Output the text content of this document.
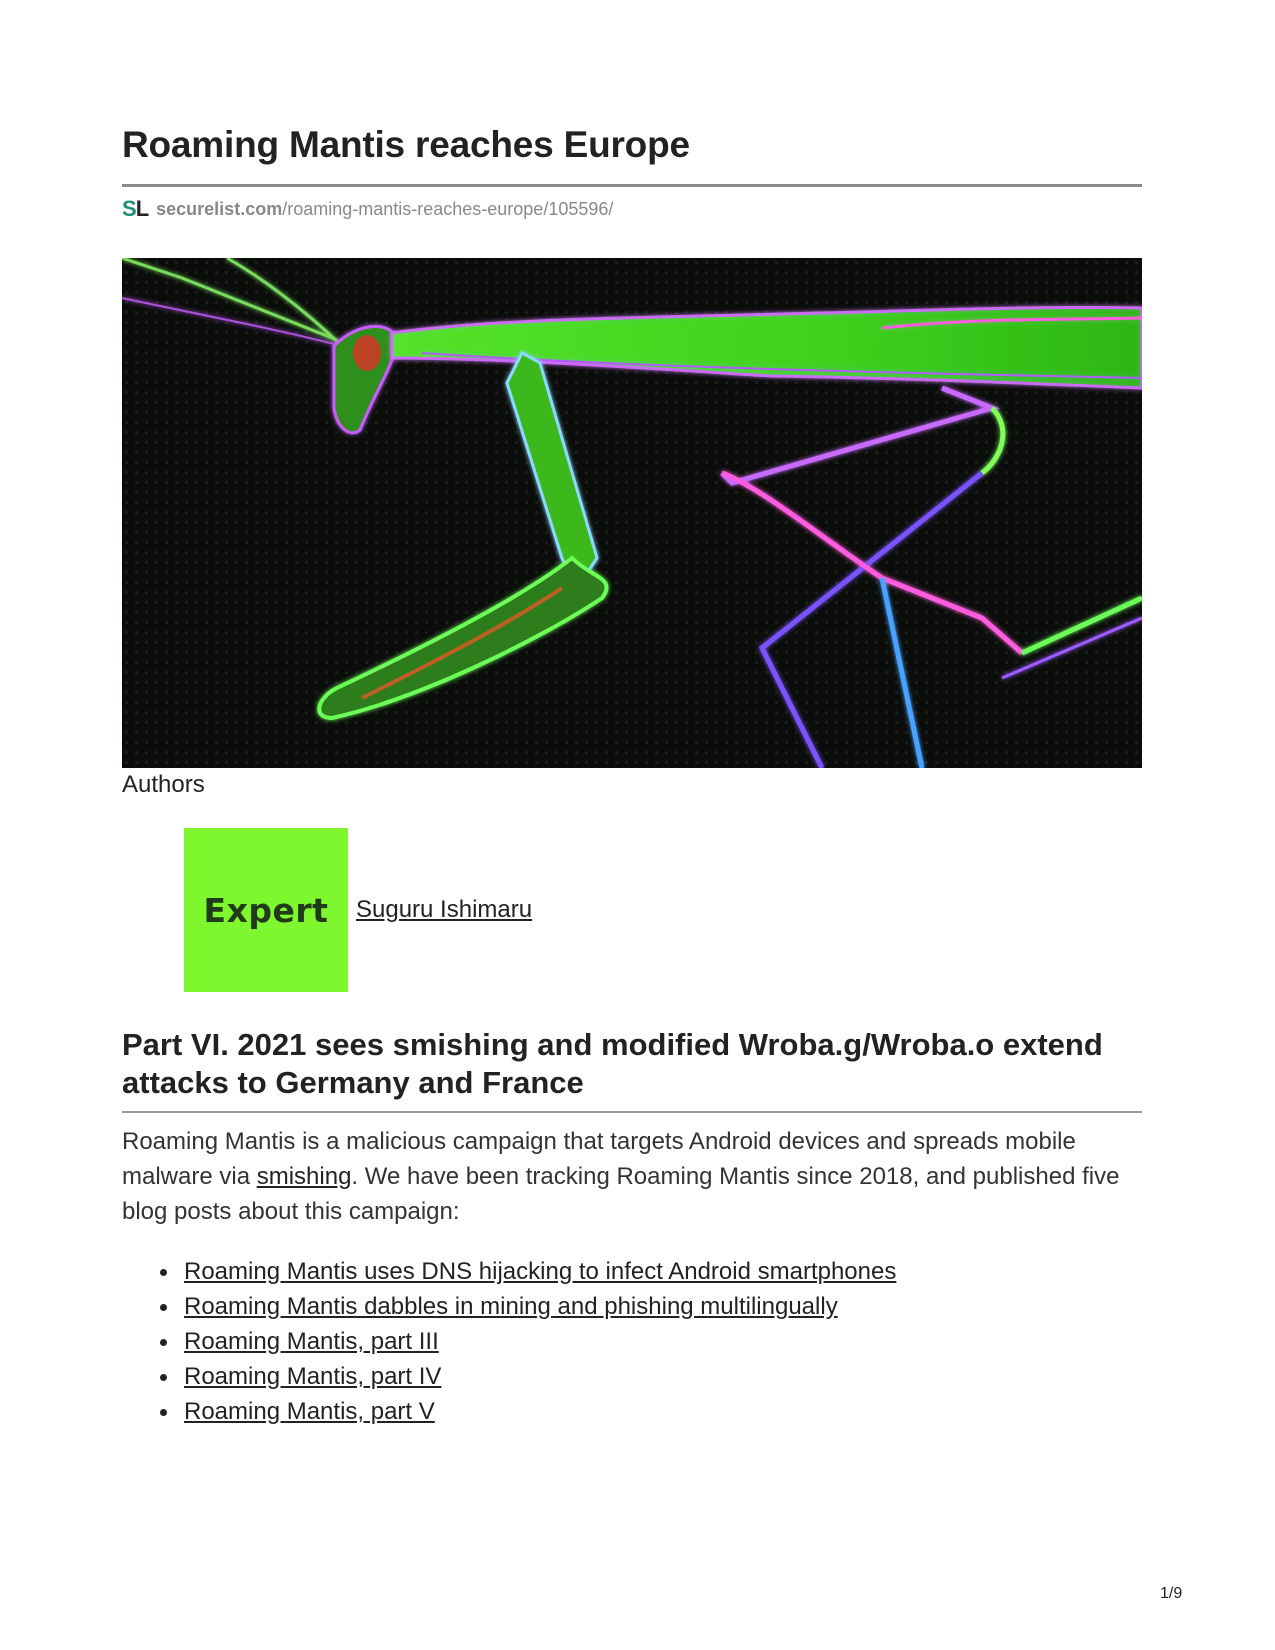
Roaming Mantis reaches Europe
SL securelist.com /roaming-mantis-reaches-europe/105596/
Authors
Expert Suguru Ishimaru
Part VI. 2021 sees smishing and modified Wroba.g/Wroba.o extend attacks to Germany and France

Roaming Mantis is a malicious campaign that targets Android devices and spreads mobile malware via smishing. We have been tracking Roaming Mantis since 2018, and published five blog posts about this campaign:

Roaming Mantis uses DNS hijacking to infect Android smartphones
Roaming Mantis dabbles in mining and phishing multilingually
Roaming Mantis, part III
Roaming Mantis, part IV
Roaming Mantis, part V
1/9
